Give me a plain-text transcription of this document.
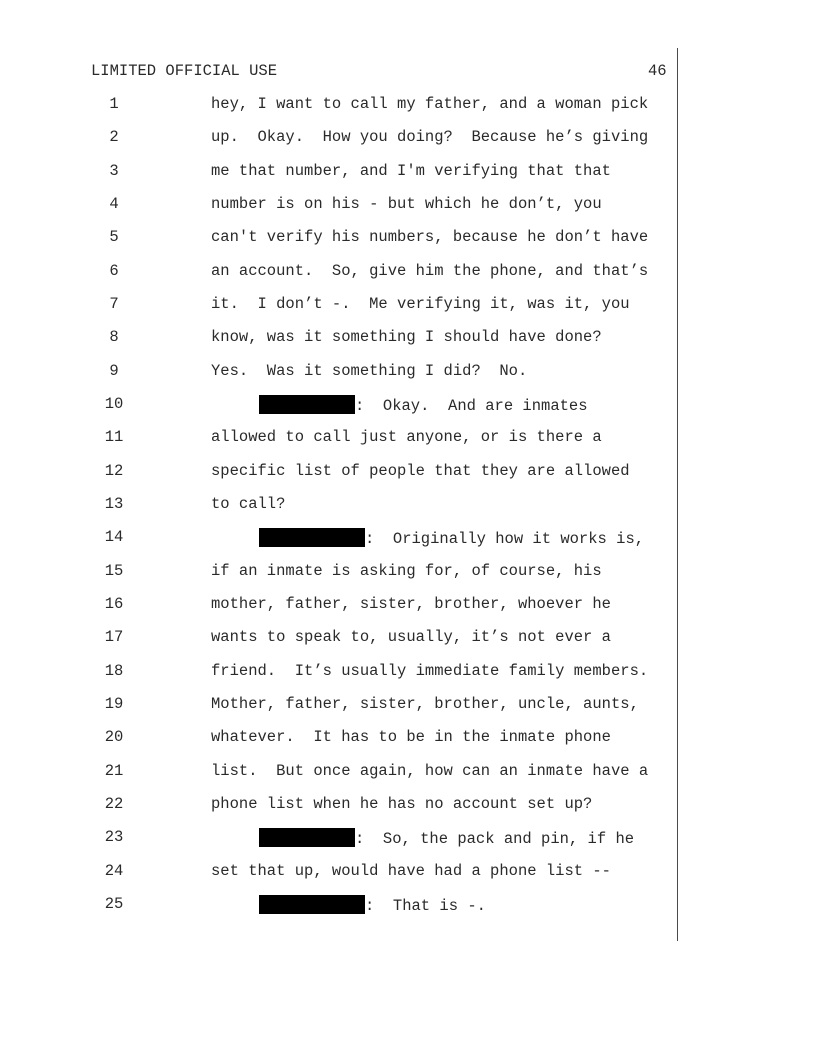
LIMITED OFFICIAL USE	46
1	hey, I want to call my father, and a woman pick
2	up.  Okay.  How you doing?  Because he’s giving
3	me that number, and I'm verifying that that
4	number is on his - but which he don’t, you
5	can't verify his numbers, because he don’t have
6	an account.  So, give him the phone, and that’s
7	it.  I don’t -.  Me verifying it, was it, you
8	know, was it something I should have done?
9	Yes.  Was it something I did?  No.
10	:  Okay.  And are inmates
11	allowed to call just anyone, or is there a
12	specific list of people that they are allowed
13	to call?
14	:  Originally how it works is,
15	if an inmate is asking for, of course, his
16	mother, father, sister, brother, whoever he
17	wants to speak to, usually, it’s not ever a
18	friend.  It’s usually immediate family members.
19	Mother, father, sister, brother, uncle, aunts,
20	whatever.  It has to be in the inmate phone
21	list.  But once again, how can an inmate have a
22	phone list when he has no account set up?
23	:  So, the pack and pin, if he
24	set that up, would have had a phone list --
25	:  That is -.
